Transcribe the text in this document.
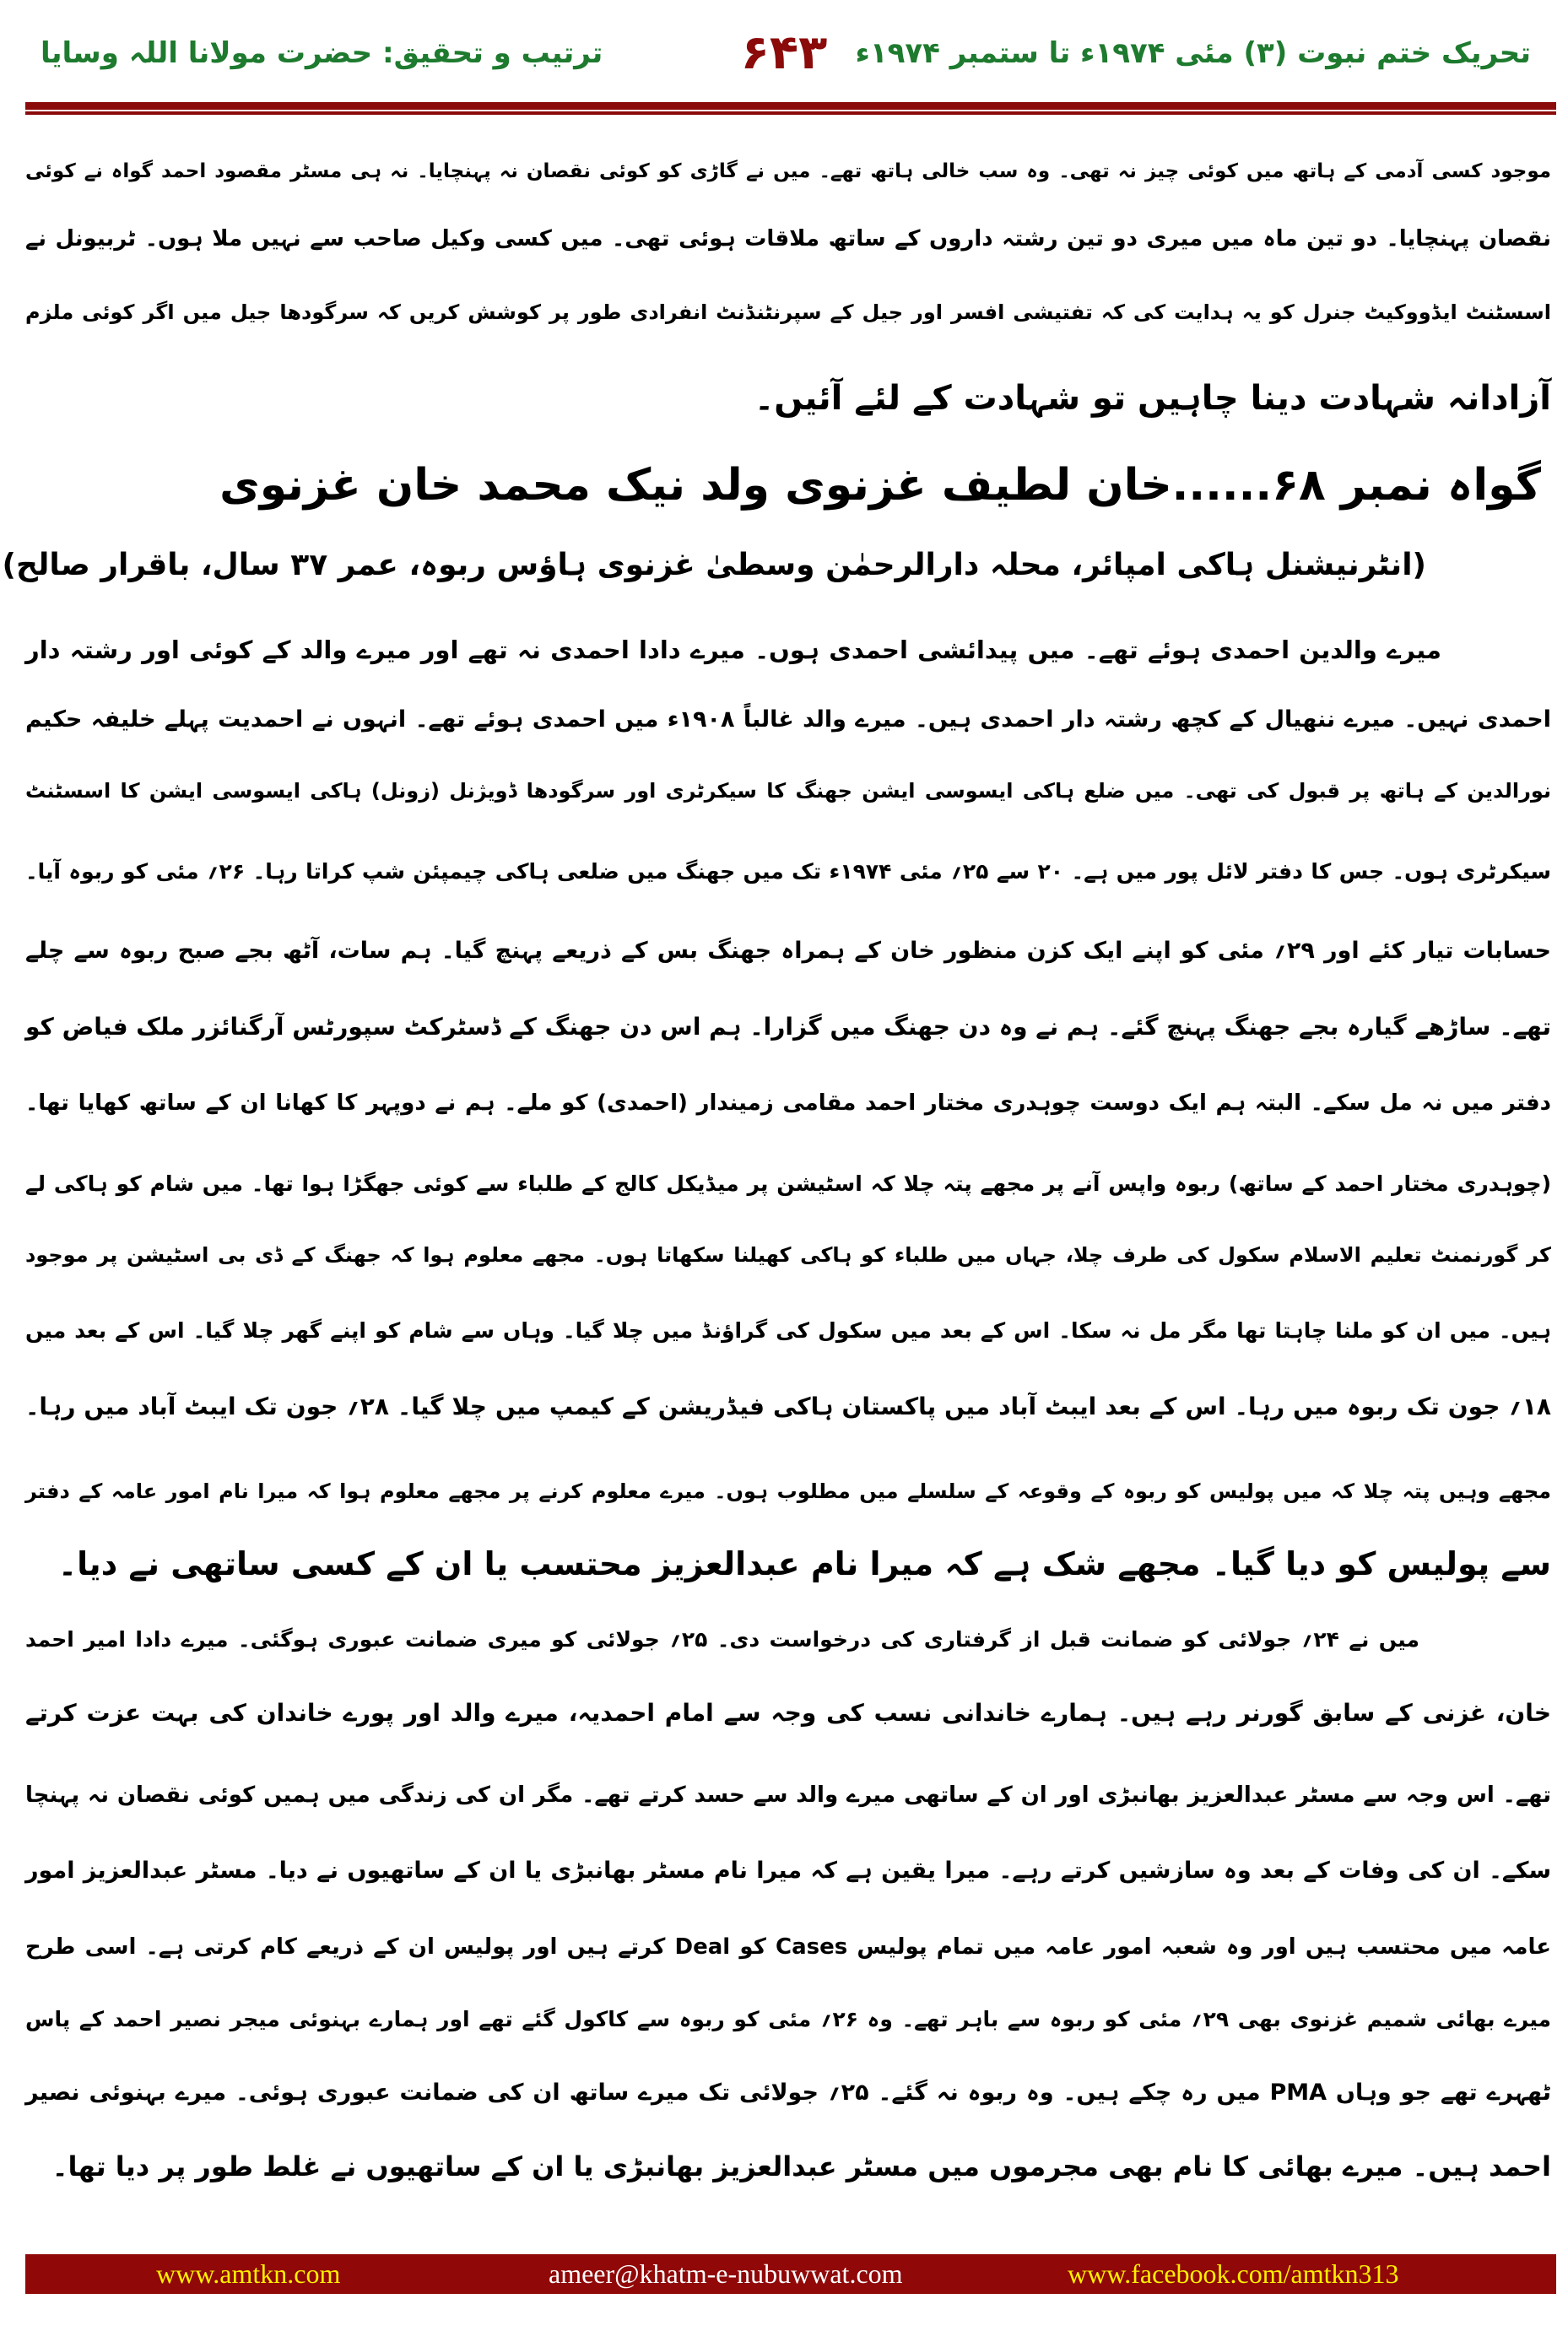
تحریک ختم نبوت (۳) مئی ۱۹۷۴ء تا ستمبر ۱۹۷۴ء
۶۴۳
ترتیب و تحقیق: حضرت مولانا اللہ وسایا
موجود کسی آدمی کے ہاتھ میں کوئی چیز نہ تھی۔ وہ سب خالی ہاتھ تھے۔ میں نے گاڑی کو کوئی نقصان نہ پہنچایا۔ نہ ہی مسٹر مقصود احمد گواہ نے کوئی
نقصان پہنچایا۔ دو تین ماہ میں میری دو تین رشتہ داروں کے ساتھ ملاقات ہوئی تھی۔ میں کسی وکیل صاحب سے نہیں ملا ہوں۔ ٹربیونل نے
اسسٹنٹ ایڈووکیٹ جنرل کو یہ ہدایت کی کہ تفتیشی افسر اور جیل کے سپرنٹنڈنٹ انفرادی طور پر کوشش کریں کہ سرگودھا جیل میں اگر کوئی ملزم
آزادانہ شہادت دینا چاہیں تو شہادت کے لئے آئیں۔
گواہ نمبر ۶۸......خان لطیف غزنوی ولد نیک محمد خان غزنوی
(انٹرنیشنل ہاکی امپائر، محلہ دارالرحمٰن وسطیٰ غزنوی ہاؤس ربوہ، عمر ۳۷ سال، باقرار صالح)
میرے والدین احمدی ہوئے تھے۔ میں پیدائشی احمدی ہوں۔ میرے دادا احمدی نہ تھے اور میرے والد کے کوئی اور رشتہ دار
احمدی نہیں۔ میرے ننھیال کے کچھ رشتہ دار احمدی ہیں۔ میرے والد غالباً ۱۹۰۸ء میں احمدی ہوئے تھے۔ انہوں نے احمدیت پہلے خلیفہ حکیم
نورالدین کے ہاتھ پر قبول کی تھی۔ میں ضلع ہاکی ایسوسی ایشن جھنگ کا سیکرٹری اور سرگودھا ڈویژنل (زونل) ہاکی ایسوسی ایشن کا اسسٹنٹ
سیکرٹری ہوں۔ جس کا دفتر لائل پور میں ہے۔ ۲۰ سے ۲۵؍ مئی ۱۹۷۴ء تک میں جھنگ میں ضلعی ہاکی چیمپئن شپ کراتا رہا۔ ۲۶؍ مئی کو ربوہ آیا۔
حسابات تیار کئے اور ۲۹؍ مئی کو اپنے ایک کزن منظور خان کے ہمراہ جھنگ بس کے ذریعے پہنچ گیا۔ ہم سات، آٹھ بجے صبح ربوہ سے چلے
تھے۔ ساڑھے گیارہ بجے جھنگ پہنچ گئے۔ ہم نے وہ دن جھنگ میں گزارا۔ ہم اس دن جھنگ کے ڈسٹرکٹ سپورٹس آرگنائزر ملک فیاض کو
دفتر میں نہ مل سکے۔ البتہ ہم ایک دوست چوہدری مختار احمد مقامی زمیندار (احمدی) کو ملے۔ ہم نے دوپہر کا کھانا ان کے ساتھ کھایا تھا۔
(چوہدری مختار احمد کے ساتھ) ربوہ واپس آنے پر مجھے پتہ چلا کہ اسٹیشن پر میڈیکل کالج کے طلباء سے کوئی جھگڑا ہوا تھا۔ میں شام کو ہاکی لے
کر گورنمنٹ تعلیم الاسلام سکول کی طرف چلا، جہاں میں طلباء کو ہاکی کھیلنا سکھاتا ہوں۔ مجھے معلوم ہوا کہ جھنگ کے ڈی بی اسٹیشن پر موجود
ہیں۔ میں ان کو ملنا چاہتا تھا مگر مل نہ سکا۔ اس کے بعد میں سکول کی گراؤنڈ میں چلا گیا۔ وہاں سے شام کو اپنے گھر چلا گیا۔ اس کے بعد میں
۱۸؍ جون تک ربوہ میں رہا۔ اس کے بعد ایبٹ آباد میں پاکستان ہاکی فیڈریشن کے کیمپ میں چلا گیا۔ ۲۸؍ جون تک ایبٹ آباد میں رہا۔
مجھے وہیں پتہ چلا کہ میں پولیس کو ربوہ کے وقوعہ کے سلسلے میں مطلوب ہوں۔ میرے معلوم کرنے پر مجھے معلوم ہوا کہ میرا نام امور عامہ کے دفتر
سے پولیس کو دیا گیا۔ مجھے شک ہے کہ میرا نام عبدالعزیز محتسب یا ان کے کسی ساتھی نے دیا۔
میں نے ۲۴؍ جولائی کو ضمانت قبل از گرفتاری کی درخواست دی۔ ۲۵؍ جولائی کو میری ضمانت عبوری ہوگئی۔ میرے دادا امیر احمد
خان، غزنی کے سابق گورنر رہے ہیں۔ ہمارے خاندانی نسب کی وجہ سے امام احمدیہ، میرے والد اور پورے خاندان کی بہت عزت کرتے
تھے۔ اس وجہ سے مسٹر عبدالعزیز بھانبڑی اور ان کے ساتھی میرے والد سے حسد کرتے تھے۔ مگر ان کی زندگی میں ہمیں کوئی نقصان نہ پہنچا
سکے۔ ان کی وفات کے بعد وہ سازشیں کرتے رہے۔ میرا یقین ہے کہ میرا نام مسٹر بھانبڑی یا ان کے ساتھیوں نے دیا۔ مسٹر عبدالعزیز امور
عامہ میں محتسب ہیں اور وہ شعبہ امور عامہ میں تمام پولیس Cases کو Deal کرتے ہیں اور پولیس ان کے ذریعے کام کرتی ہے۔ اسی طرح
میرے بھائی شمیم غزنوی بھی ۲۹؍ مئی کو ربوہ سے باہر تھے۔ وہ ۲۶؍ مئی کو ربوہ سے کاکول گئے تھے اور ہمارے بہنوئی میجر نصیر احمد کے پاس
ٹھہرے تھے جو وہاں PMA میں رہ چکے ہیں۔ وہ ربوہ نہ گئے۔ ۲۵؍ جولائی تک میرے ساتھ ان کی ضمانت عبوری ہوئی۔ میرے بہنوئی نصیر
احمد ہیں۔ میرے بھائی کا نام بھی مجرموں میں مسٹر عبدالعزیز بھانبڑی یا ان کے ساتھیوں نے غلط طور پر دیا تھا۔
www.amtkn.com	ameer@khatm-e-nubuwwat.com	www.facebook.com/amtkn313
